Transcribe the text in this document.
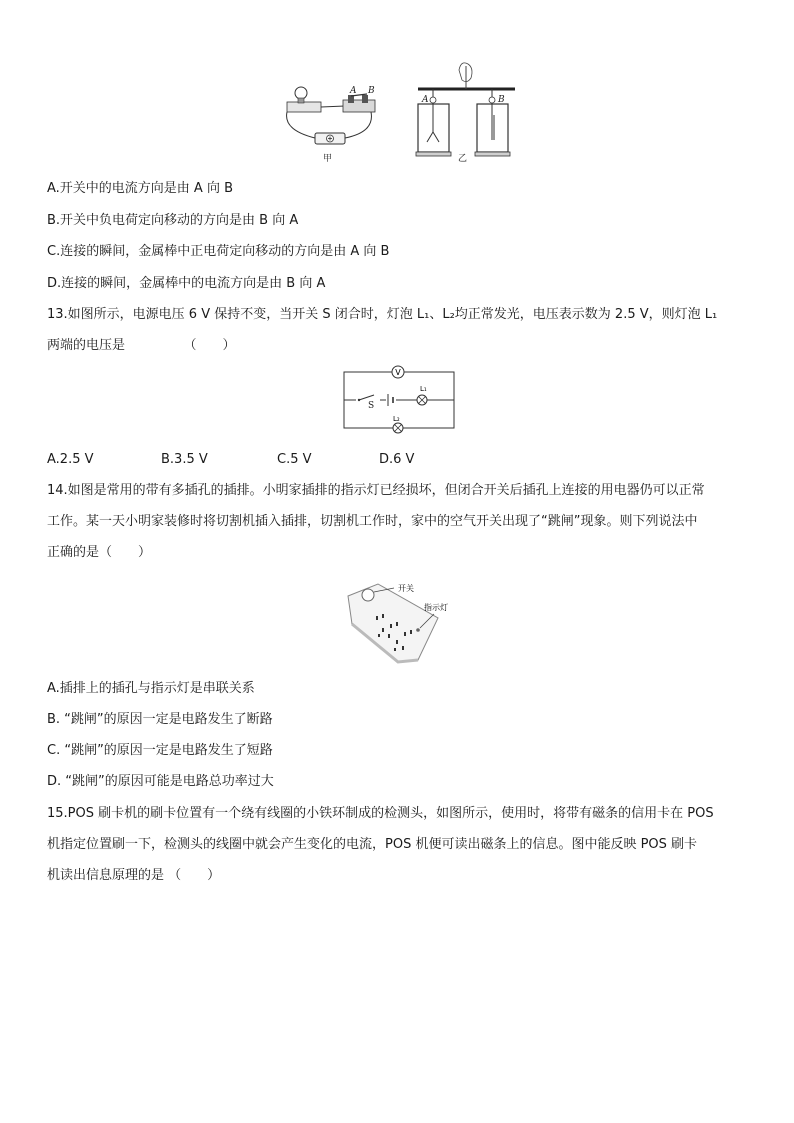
A B
甲
A	B
乙
A.开关中的电流方向是由 A 向 B
B.开关中负电荷定向移动的方向是由 B 向 A
C.连接的瞬间，金属棒中正电荷定向移动的方向是由 A 向 B
D.连接的瞬间，金属棒中的电流方向是由 B 向 A
13.如图所示，电源电压 6 V 保持不变，当开关 S 闭合时，灯泡 L₁、L₂均正常发光，电压表示数为 2.5 V，则灯泡 L₁
两端的电压是　　　　　（　　）
V
S
L₁
L₂
A.2.5 V	B.3.5 V	C.5 V	D.6 V
14.如图是常用的带有多插孔的插排。小明家插排的指示灯已经损坏，但闭合开关后插孔上连接的用电器仍可以正常
工作。某一天小明家装修时将切割机插入插排，切割机工作时，家中的空气开关出现了“跳闸”现象。则下列说法中
正确的是（　　）
开关
指示灯
A.插排上的插孔与指示灯是串联关系
B. “跳闸”的原因一定是电路发生了断路
C. “跳闸”的原因一定是电路发生了短路
D. “跳闸”的原因可能是电路总功率过大
15.POS 刷卡机的刷卡位置有一个绕有线圈的小铁环制成的检测头，如图所示，使用时，将带有磁条的信用卡在 POS
机指定位置刷一下，检测头的线圈中就会产生变化的电流，POS 机便可读出磁条上的信息。图中能反映 POS 刷卡
机读出信息原理的是 （　　）
